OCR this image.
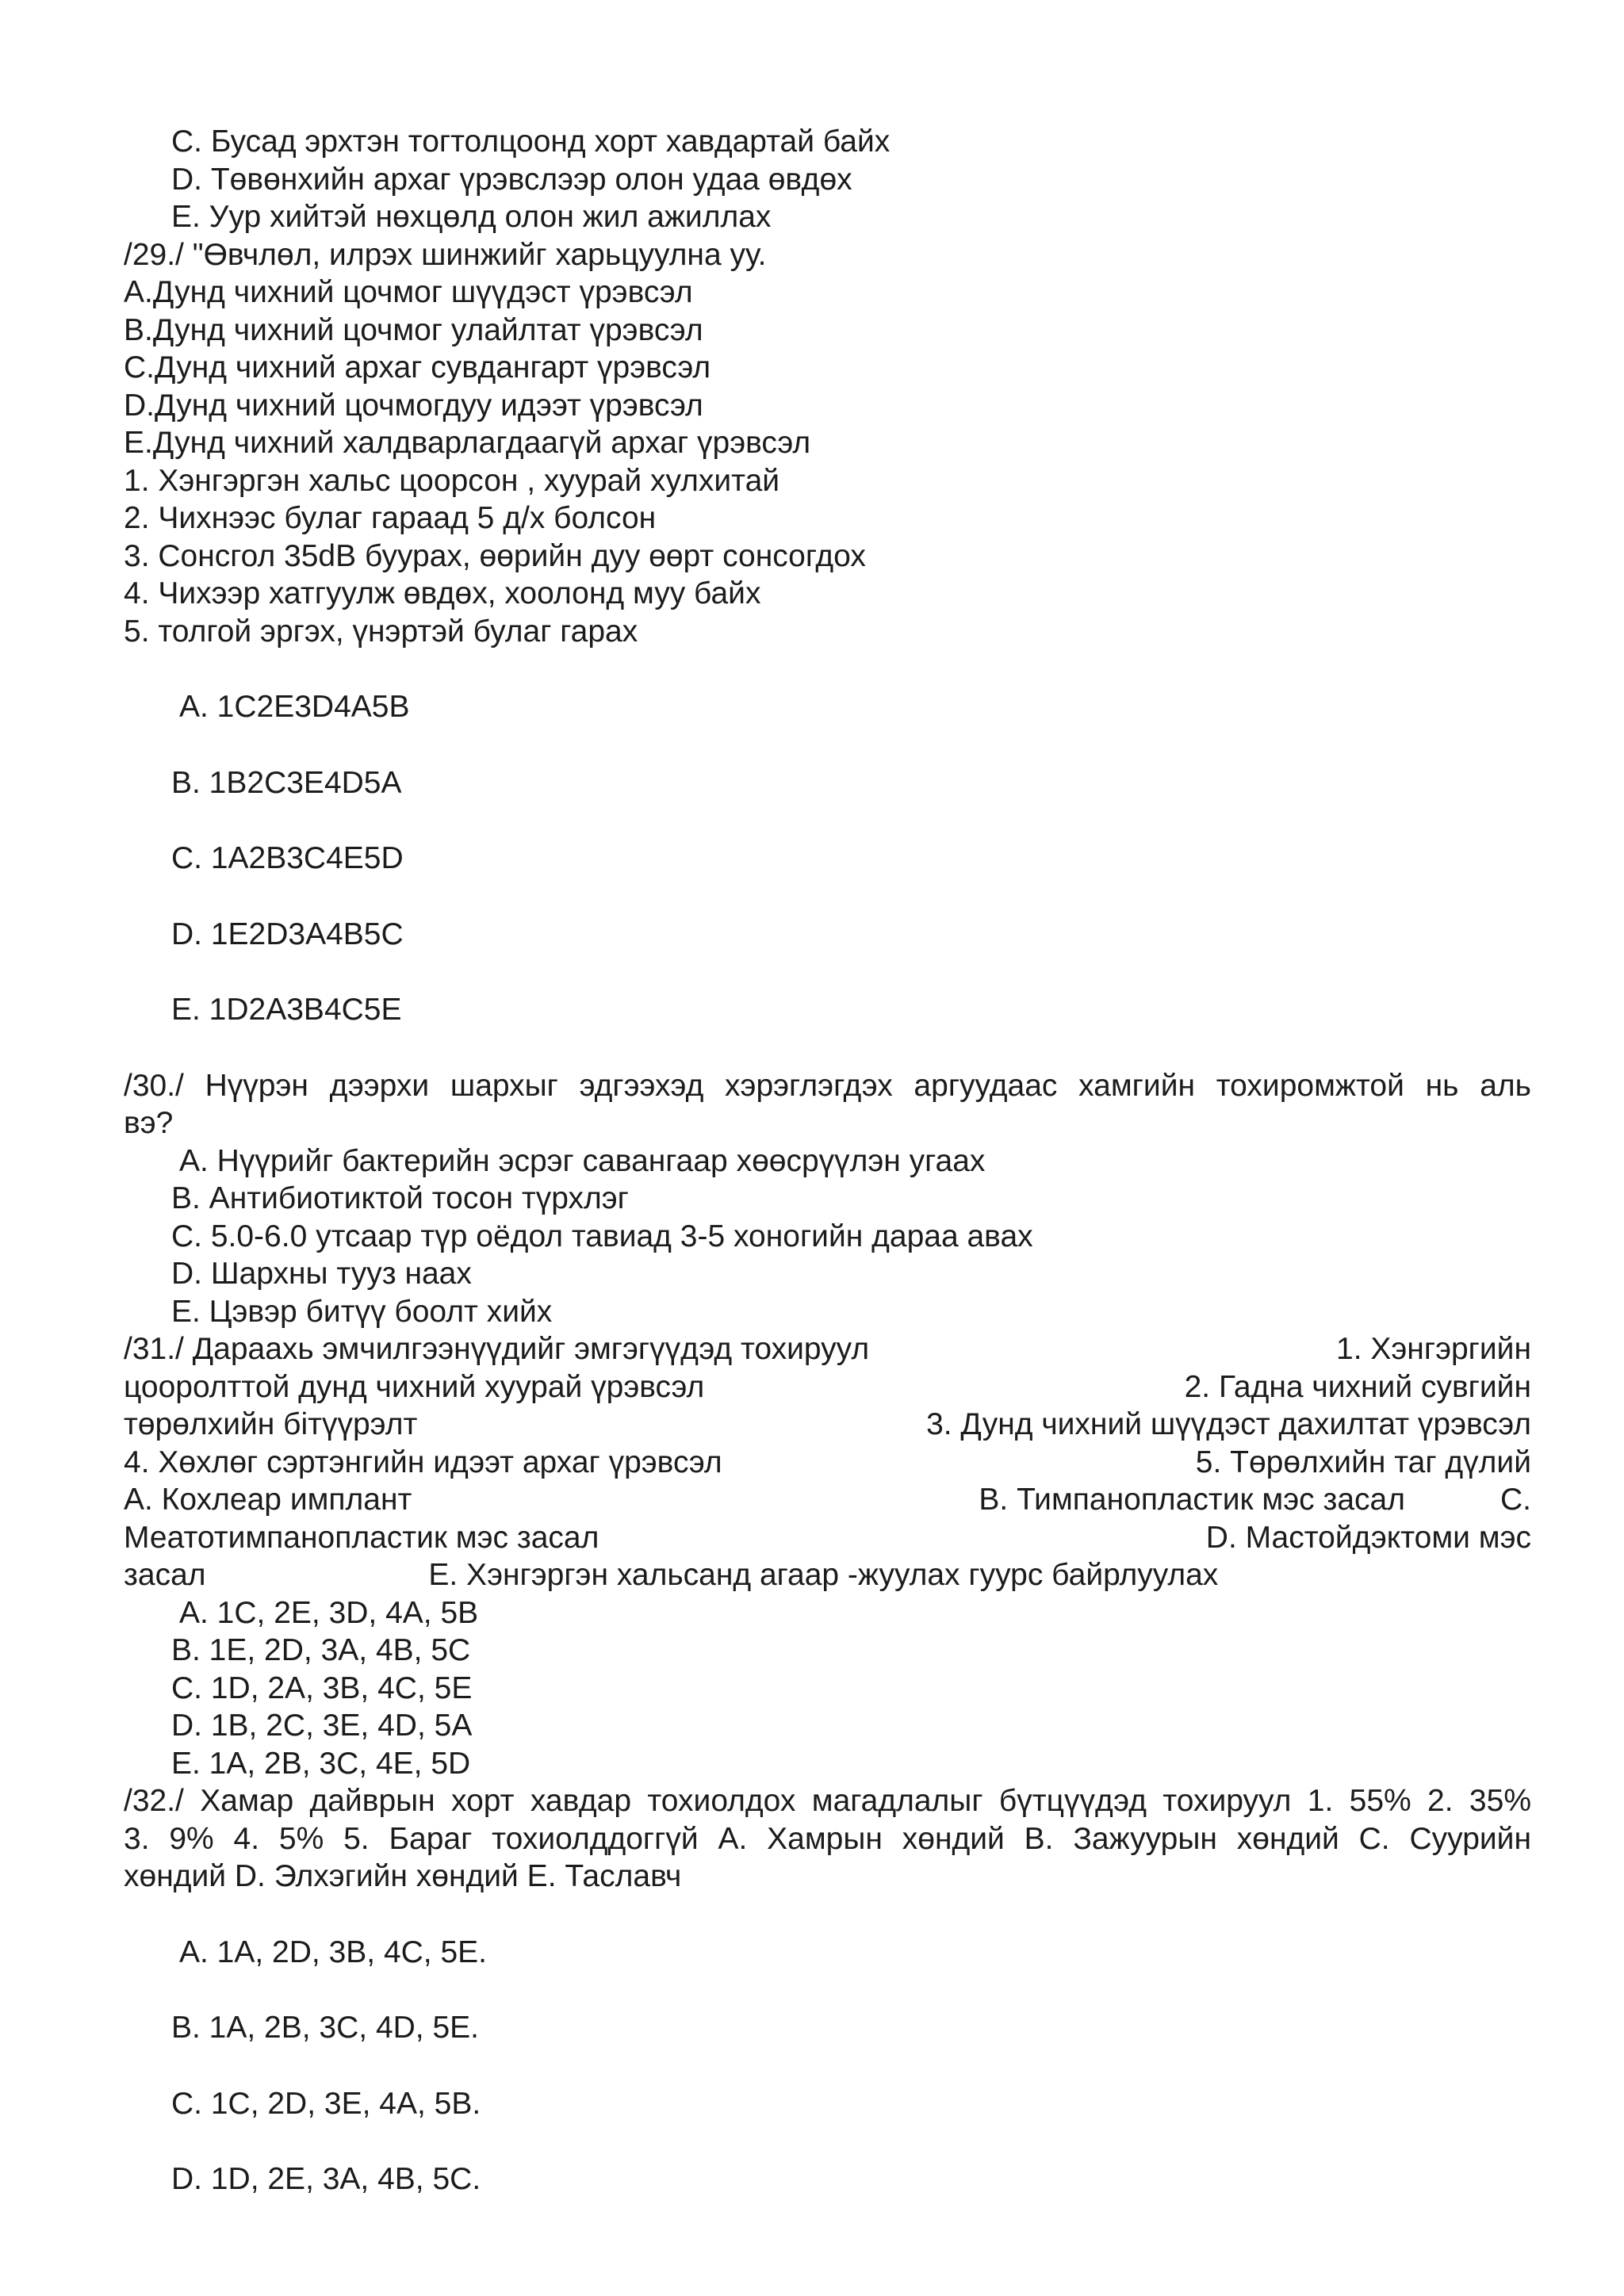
C. Бусад эрхтэн тогтолцоонд хорт хавдартай байх
D. Төвөнхийн архаг үрэвслээр олон удаа өвдөх
E. Уур хийтэй нөхцөлд олон жил ажиллах
/29./ "Өвчлөл, илрэх шинжийг харьцуулна уу.
A.Дунд чихний цочмог шүүдэст үрэвсэл
B.Дунд чихний цочмог улайлтат үрэвсэл
C.Дунд чихний архаг сувдангарт үрэвсэл
D.Дунд чихний цочмогдуу идээт үрэвсэл
E.Дунд чихний халдварлагдаагүй архаг үрэвсэл
1. Хэнгэргэн хальс цоорсон , хуурай хулхитай
2. Чихнээс булаг гараад 5 д/х болсон
3. Сонсгол 35dB буурах, өөрийн дуу өөрт сонсогдох
4. Чихээр хатгуулж өвдөх, хоолонд муу байх
5. толгой эргэх, үнэртэй булаг гарах
A. 1C2E3D4A5B
B. 1B2C3E4D5A
C. 1A2B3C4E5D
D. 1E2D3A4B5C
E. 1D2A3B4C5E
/30./ Нүүрэн дээрхи шархыг эдгээхэд хэрэглэгдэх аргуудаас хамгийн тохиромжтой нь аль
вэ?
A. Нүүрийг бактерийн эсрэг савангаар хөөсрүүлэн угаах
B. Антибиотиктой тосон түрхлэг
C. 5.0-6.0 утсаар түр оёдол тавиад 3-5 хоногийн дараа авах
D. Шархны тууз наах
E. Цэвэр битүү боолт хийх
/31./ Дараахь эмчилгээнүүдийг эмгэгүүдэд тохируул	1. Хэнгэргийн
цооролттой дунд чихний хуурай үрэвсэл	2. Гадна чихний сувгийн
төрөлхийн бітүүрэлт	3. Дунд чихний шүүдэст дахилтат үрэвсэл
4. Хөхлөг сэртэнгийн идээт архаг үрэвсэл	5. Төрөлхийн таг дүлий
A. Кохлеар имплант	B. Тимпанопластик мэс засал	C.
Меатотимпанопластик мэс засал	D. Мастойдэктоми мэс
засал	E. Хэнгэргэн хальсанд агаар -жуулах гуурс байрлуулах
A. 1C, 2E, 3D, 4A, 5B
B. 1E, 2D, 3A, 4B, 5C
C. 1D, 2A, 3B, 4C, 5E
D. 1B, 2C, 3E, 4D, 5A
E. 1A, 2B, 3C, 4E, 5D
/32./ Хамар дайврын хорт хавдар тохиолдох магадлалыг бүтцүүдэд тохируул 1. 55% 2. 35%
3. 9% 4. 5% 5. Бараг тохиолддоггүй A. Хамрын хөндий B. Зажуурын хөндий C. Суурийн
хөндий D. Элхэгийн хөндий E. Таславч
A. 1A, 2D, 3B, 4C, 5E.
B. 1A, 2B, 3C, 4D, 5E.
C. 1C, 2D, 3E, 4A, 5B.
D. 1D, 2E, 3A, 4B, 5C.
